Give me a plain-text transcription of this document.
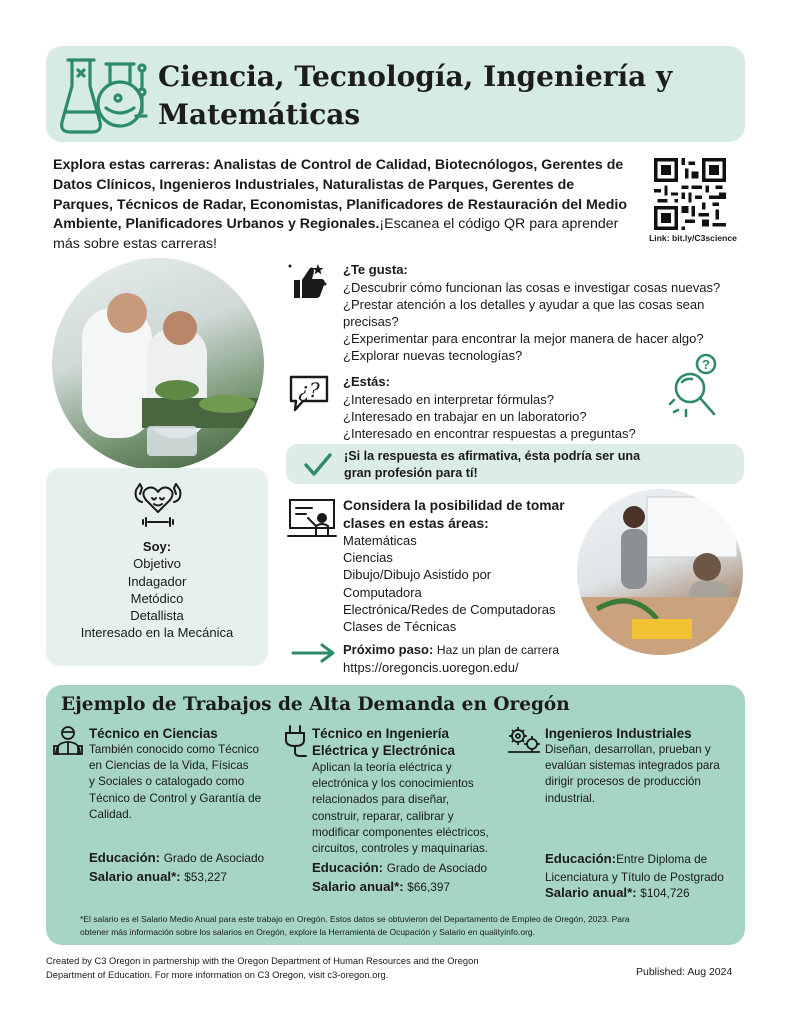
Ciencia, Tecnología, Ingeniería y Matemáticas
Explora estas carreras: Analistas de Control de Calidad, Biotecnólogos, Gerentes de Datos Clínicos, Ingenieros Industriales, Naturalistas de Parques, Gerentes de Parques, Técnicos de Radar, Economistas, Planificadores de Restauración del Medio Ambiente, Planificadores Urbanos y Regionales.¡Escanea el código QR para aprender más sobre estas carreras!	Link: bit.ly/C3science
¿Te gusta:
¿Descubrir cómo funcionan las cosas e investigar cosas nuevas?
¿Prestar atención a los detalles y ayudar a que las cosas sean
precisas?
¿Experimentar para encontrar la mejor manera de hacer algo?
¿Explorar nuevas tecnologías?
¿? ¿Estás:
¿Interesado en interpretar fórmulas?
¿Interesado en trabajar en un laboratorio?
¿Interesado en encontrar respuestas a preguntas?
?
¡Si la respuesta es afirmativa, ésta podría ser una
gran profesión para tí!
Soy:
Objetivo
Indagador
Metódico
Detallista
Interesado en la Mecánica
Considera la posibilidad de tomar
clases en estas áreas:
Matemáticas
Ciencias
Dibujo/Dibujo Asistido por
Computadora
Electrónica/Redes de Computadoras
Clases de Técnicas
Próximo paso: Haz un plan de carrera
https://oregoncis.uoregon.edu/
Ejemplo de Trabajos de Alta Demanda en Oregón
Técnico en Ciencias
También conocido como Técnico
en Ciencias de la Vida, Físicas
y Sociales o catalogado como
Técnico de Control y Garantía de
Calidad.
Educación: Grado de Asociado
Salario anual*: $53,227
Técnico en Ingeniería
Eléctrica y Electrónica
Aplican la teoría eléctrica y
electrónica y los conocimientos
relacionados para diseñar,
construir, reparar, calibrar y
modificar componentes eléctricos,
circuitos, controles y maquinarias.
Educación: Grado de Asociado
Salario anual*: $66,397
Ingenieros Industriales
Diseñan, desarrollan, prueban y
evalúan sistemas integrados para
dirigir procesos de producción
industrial.
Educación:Entre Diploma de
Licenciatura y Título de Postgrado
Salario anual*: $104,726
*El salario es el Salario Medio Anual para este trabajo en Oregón. Estos datos se obtuvieron del Departamento de Empleo de Oregón, 2023. Para
obtener más información sobre los salarios en Oregón, explore la Herramienta de Ocupación y Salario en qualityinfo.org.
Created by C3 Oregon in partnership with the Oregon Department of Human Resources and the Oregon
Department of Education. For more information on C3 Oregon, visit c3-oregon.org.	Published: Aug 2024
